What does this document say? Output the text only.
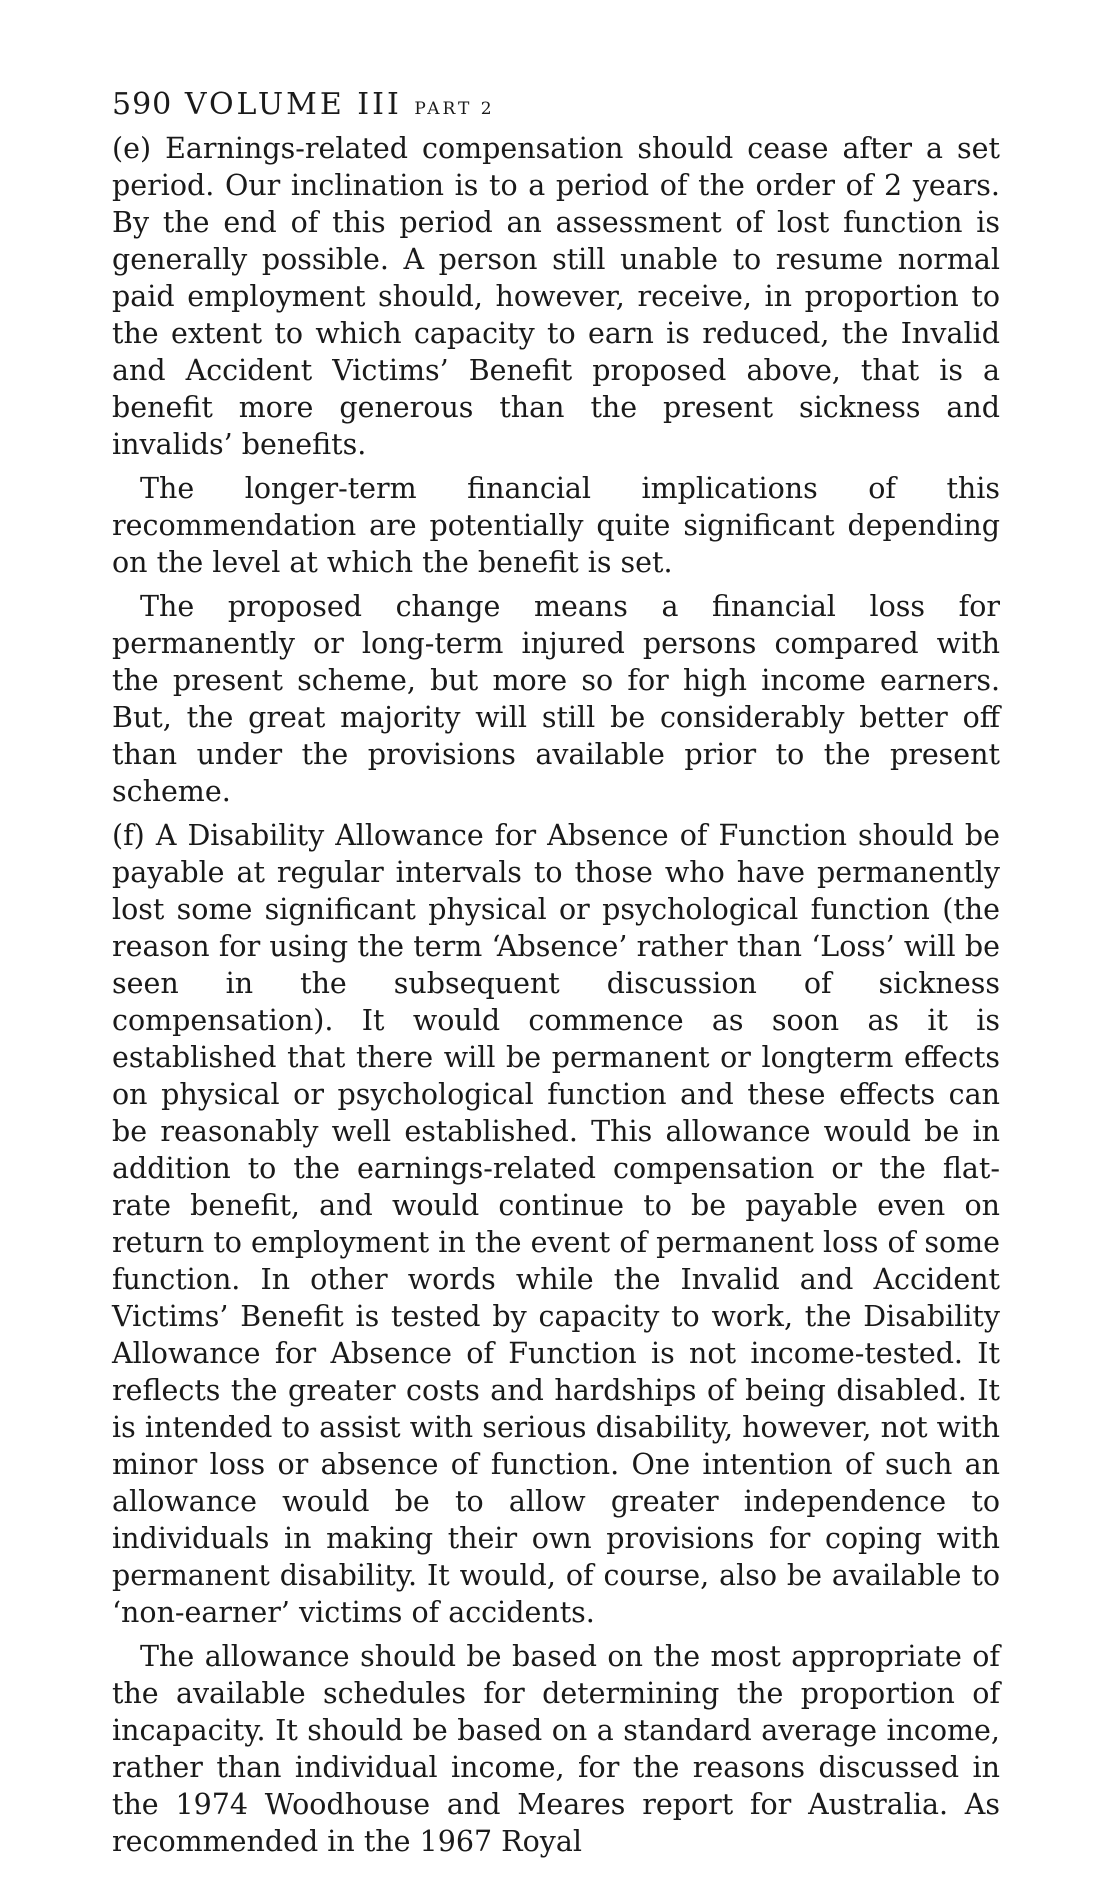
590 VOLUME III PART 2

(e) Earnings-related compensation should cease after a set period. Our inclination is to a period of the order of 2 years. By the end of this period an assessment of lost function is generally possible. A person still unable to resume normal paid employment should, however, receive, in proportion to the extent to which capacity to earn is reduced, the Invalid and Accident Victims’ Benefit proposed above, that is a benefit more generous than the present sickness and invalids’ benefits.

The longer-term financial implications of this recommendation are potentially quite significant depending on the level at which the benefit is set.

The proposed change means a financial loss for permanently or long-term injured persons compared with the present scheme, but more so for high income earners. But, the great majority will still be considerably better off than under the provisions available prior to the present scheme.

(f) A Disability Allowance for Absence of Function should be payable at regular intervals to those who have permanently lost some significant physical or psychological function (the reason for using the term ‘Absence’ rather than ‘Loss’ will be seen in the subsequent discussion of sickness compensation). It would commence as soon as it is established that there will be permanent or longterm effects on physical or psychological function and these effects can be reasonably well established. This allowance would be in addition to the earnings-related compensation or the flat-rate benefit, and would continue to be payable even on return to employment in the event of permanent loss of some function. In other words while the Invalid and Accident Victims’ Benefit is tested by capacity to work, the Disability Allowance for Absence of Function is not income-tested. It reflects the greater costs and hardships of being disabled. It is intended to assist with serious disability, however, not with minor loss or absence of function. One intention of such an allowance would be to allow greater independence to individuals in making their own provisions for coping with permanent disability. It would, of course, also be available to ‘non-earner’ victims of accidents.

The allowance should be based on the most appropriate of the available schedules for determining the proportion of incapacity. It should be based on a standard average income, rather than individual income, for the reasons discussed in the 1974 Woodhouse and Meares report for Australia. As recommended in the 1967 Royal
